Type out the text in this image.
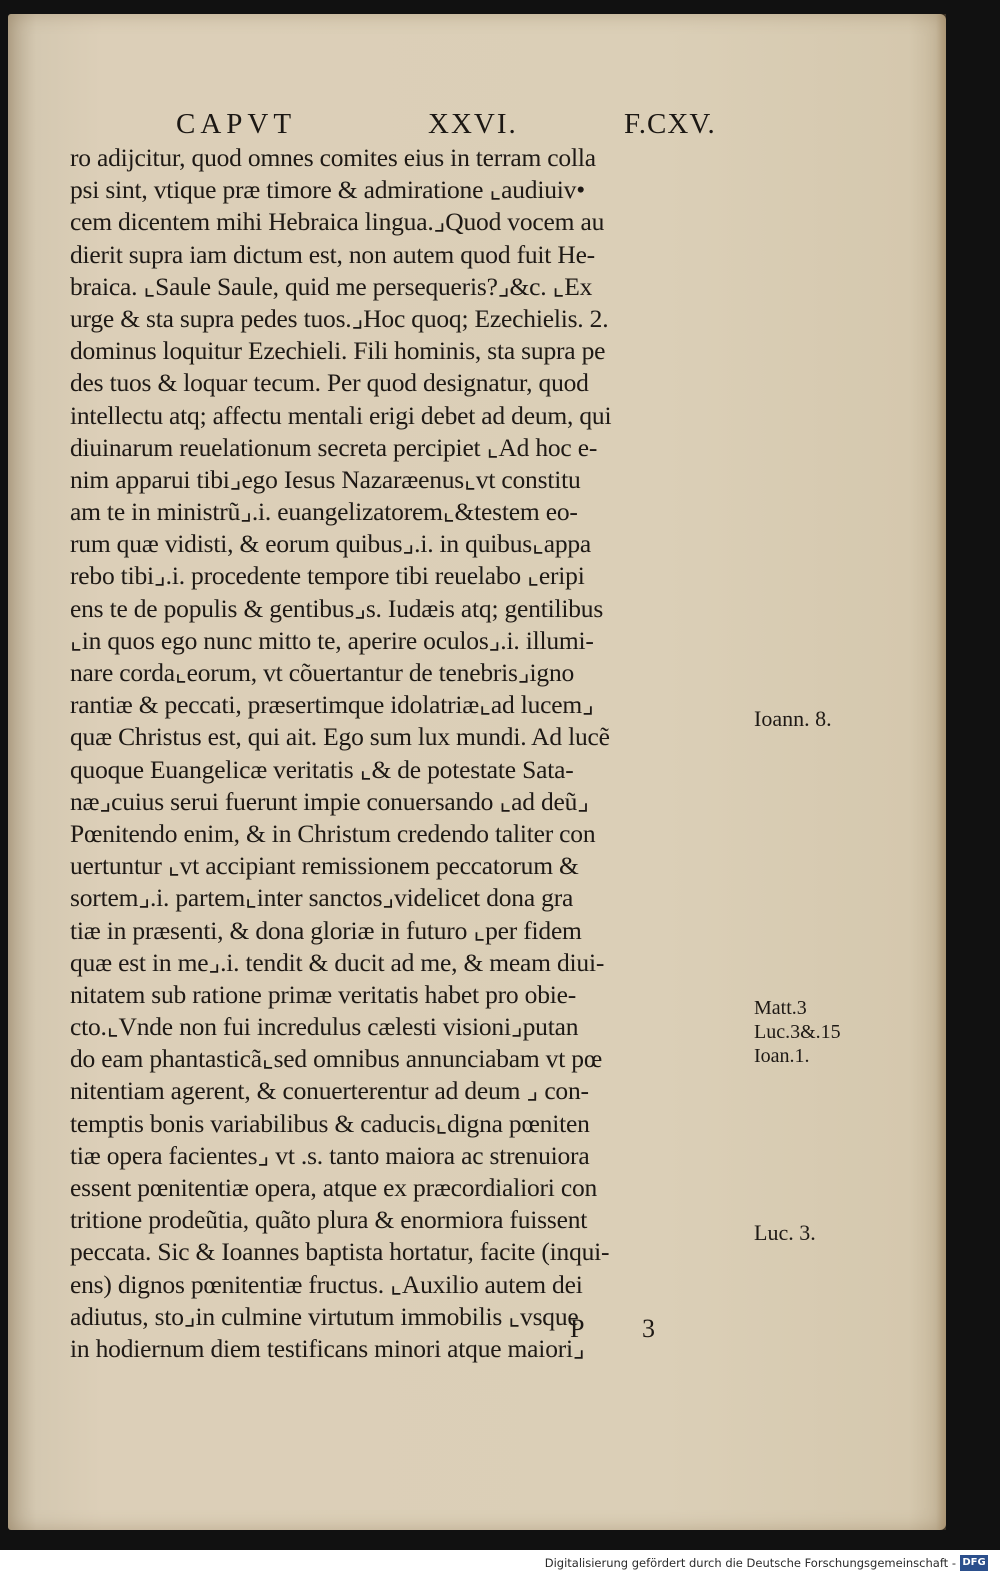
CAPVT	XXVI.	F.CXV.
ro adijcitur, quod omnes comites eius in terram colla
psi sint, vtique præ timore & admiratione ⌞audiuiv•
cem dicentem mihi Hebraica lingua.⌟Quod vocem au
dierit supra iam dictum est, non autem quod fuit He-
braica. ⌞Saule Saule, quid me persequeris?⌟&c. ⌞Ex
urge & sta supra pedes tuos.⌟Hoc quoq; Ezechielis. 2.
dominus loquitur Ezechieli. Fili hominis, sta supra pe
des tuos & loquar tecum. Per quod designatur, quod
intellectu atq; affectu mentali erigi debet ad deum, qui
diuinarum reuelationum secreta percipiet ⌞Ad hoc e-
nim apparui tibi⌟ego Iesus Nazaræenus⌞vt constitu
am te in ministrũ⌟.i. euangelizatorem⌞&testem eo-
rum quæ vidisti, & eorum quibus⌟.i. in quibus⌞appa
rebo tibi⌟.i. procedente tempore tibi reuelabo ⌞eripi
ens te de populis & gentibus⌟s. Iudæis atq; gentilibus
⌞in quos ego nunc mitto te, aperire oculos⌟.i. illumi-
nare corda⌞eorum, vt cõuertantur de tenebris⌟igno
rantiæ & peccati, præsertimque idolatriæ⌞ad lucem⌟
quæ Christus est, qui ait. Ego sum lux mundi. Ad lucẽ
quoque Euangelicæ veritatis ⌞& de potestate Sata-
næ⌟cuius serui fuerunt impie conuersando ⌞ad deũ⌟
Pœnitendo enim, & in Christum credendo taliter con
uertuntur ⌞vt accipiant remissionem peccatorum &
sortem⌟.i. partem⌞inter sanctos⌟videlicet dona gra
tiæ in præsenti, & dona gloriæ in futuro ⌞per fidem
quæ est in me⌟.i. tendit & ducit ad me, & meam diui-
nitatem sub ratione primæ veritatis habet pro obie-
cto.⌞Vnde non fui incredulus cælesti visioni⌟putan
do eam phantasticã⌞sed omnibus annunciabam vt pœ
nitentiam agerent, & conuerterentur ad deum ⌟ con-
temptis bonis variabilibus & caducis⌞digna pœniten
tiæ opera facientes⌟ vt .s. tanto maiora ac strenuiora
essent pœnitentiæ opera, atque ex præcordialiori con
tritione prodeũtia, quãto plura & enormiora fuissent
peccata. Sic & Ioannes baptista hortatur, facite (inqui-
ens) dignos pœnitentiæ fructus. ⌞Auxilio autem dei
adiutus, sto⌟in culmine virtutum immobilis ⌞vsque
in hodiernum diem testificans minori atque maiori⌟
Ioann. 8.
Matt.3
Luc.3&.15
Ioan.1.
Luc. 3.
P 3
Digitalisierung gefördert durch die Deutsche Forschungsgemeinschaft - DFG
